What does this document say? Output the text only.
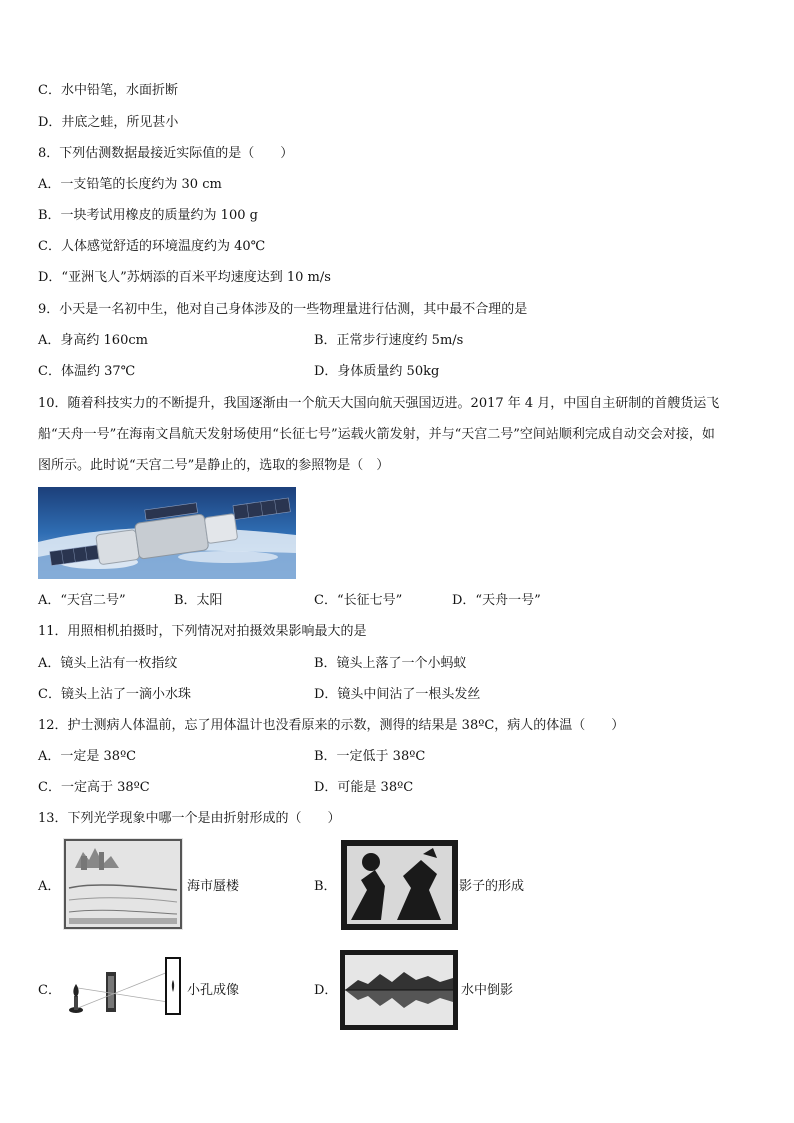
C．水中铅笔，水面折断
D．井底之蛙，所见甚小
8．下列估测数据最接近实际值的是（　　）
A．一支铅笔的长度约为 30 cm
B．一块考试用橡皮的质量约为 100 g
C．人体感觉舒适的环境温度约为 40℃
D．“亚洲飞人”苏炳添的百米平均速度达到 10 m/s
9．小天是一名初中生，他对自己身体涉及的一些物理量进行估测，其中最不合理的是
A．身高约 160cm	B．正常步行速度约 5m/s
C．体温约 37℃	D．身体质量约 50kg
10．随着科技实力的不断提升，我国逐渐由一个航天大国向航天强国迈进。2017 年 4 月，中国自主研制的首艘货运飞
船“天舟一号”在海南文昌航天发射场使用“长征七号”运载火箭发射，并与“天宫二号”空间站顺利完成自动交会对接，如
图所示。此时说“天宫二号”是静止的，选取的参照物是（　）
A．“天宫二号”	B．太阳	C．“长征七号”	D．“天舟一号”
11．用照相机拍摄时，下列情况对拍摄效果影响最大的是
A．镜头上沾有一枚指纹	B．镜头上落了一个小蚂蚁
C．镜头上沾了一滴小水珠	D．镜头中间沾了一根头发丝
12．护士测病人体温前，忘了用体温计也没看原来的示数，测得的结果是 38ºC，病人的体温（　　）
A．一定是 38ºC	B．一定低于 38ºC
C．一定高于 38ºC	D．可能是 38ºC
13．下列光学现象中哪一个是由折射形成的（　　）
A．	海市蜃楼	B．	影子的形成
C．	小孔成像	D．	水中倒影
